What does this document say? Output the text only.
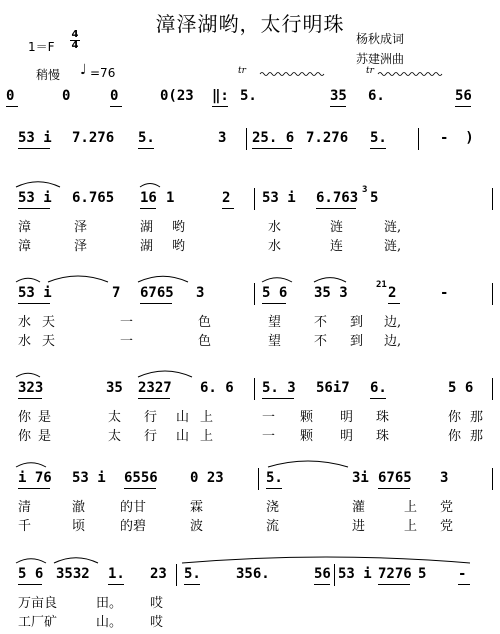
漳泽湖哟，太行明珠
杨秋成词
苏建洲曲
1＝F
4
4
稍慢 ♩ =76	tr	tr
0	0	0	0(23 ‖: 5.	35 6.	56
53 i 7.276 5.	3 25. 6 7.276 5.	-  )
53 i 6.765 16 1	2 53 i 6.763 5
3
漳	泽	湖 哟	水	涟	涟,
漳	泽	湖 哟	水	连	涟,
53 i	7 6765 3	5 6 35 3	2	-
21
水 天	一	色	望	不 到 边,
水 天	一	色	望	不 到 边,
323	35 2327 6. 6 5. 3 56i7 6.	5 6
你 是	太 行 山 上	一 颗 明 珠	你 那
你 是	太 行 山 上	一 颗 明 珠	你 那
i 76 53 i 6556 0 23	5.	3i 6765 3
清	澈	的甘	霖	浇	灌	上 党
千	顷	的碧	波	流	进	上 党
5 6 3532 1. 23 5.	356.	56 53 i 7276 5 -
万亩良	田。 哎
工厂矿	山。 哎
